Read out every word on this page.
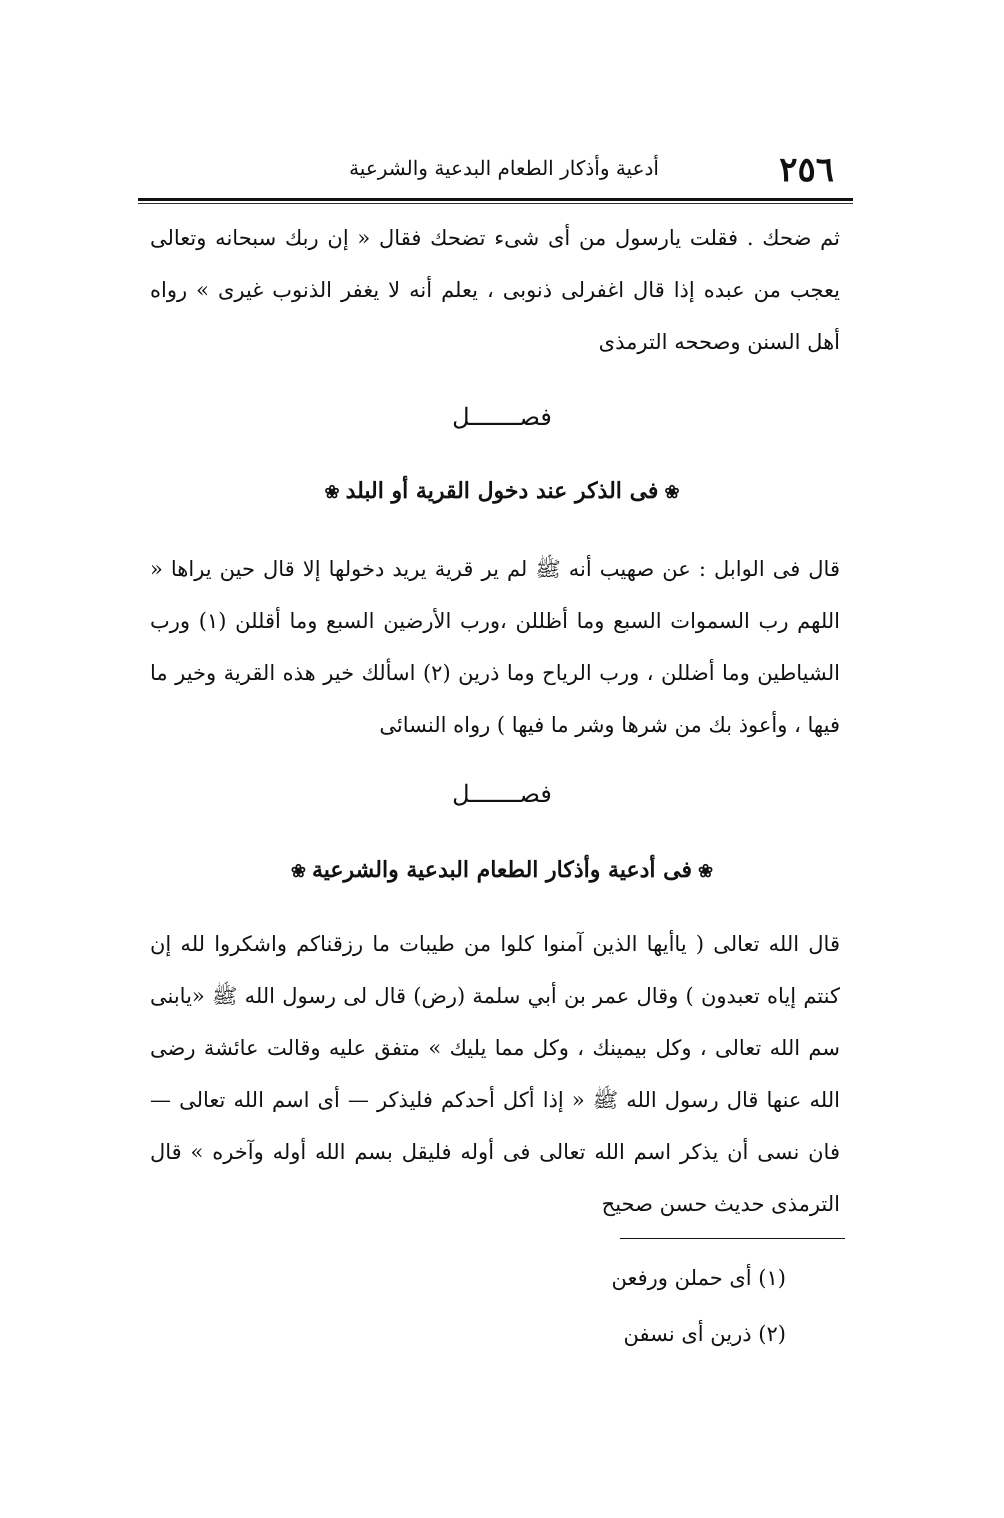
٢٥٦
أدعية وأذكار الطعام البدعية والشرعية

ثم ضحك . فقلت يارسول من أى شىء تضحك فقال « إن ربك سبحانه وتعالى يعجب من عبده إذا قال اغفرلى ذنوبى ، يعلم أنه لا يغفر الذنوب غيرى » رواه أهل السنن وصححه الترمذى

فصـــــــل
❀فى الذكر عند دخول القرية أو البلد❀

قال فى الوابل : عن صهيب أنه ﷺ لم ير قرية يريد دخولها إلا قال حين يراها « اللهم رب السموات السبع وما أظللن ،ورب الأرضين السبع وما أقللن (١) ورب الشياطين وما أضللن ، ورب الرياح وما ذرين (٢) اسألك خير هذه القرية وخير ما فيها ، وأعوذ بك من شرها وشر ما فيها ) رواه النسائى

فصـــــــل
❀فى أدعية وأذكار الطعام البدعية والشرعية❀

قال الله تعالى ( ياأيها الذين آمنوا كلوا من طيبات ما رزقناكم واشكروا لله إن كنتم إياه تعبدون ) وقال عمر بن أبي سلمة (رض) قال لى رسول الله ﷺ «يابنى سم الله تعالى ، وكل بيمينك ، وكل مما يليك » متفق عليه وقالت عائشة رضى الله عنها قال رسول الله ﷺ « إذا أكل أحدكم فليذكر — أى اسم الله تعالى — فان نسى أن يذكر اسم الله تعالى فى أوله فليقل بسم الله أوله وآخره » قال الترمذى حديث حسن صحيح

(١) أى حملن ورفعن
(٢) ذرين أى نسفن
